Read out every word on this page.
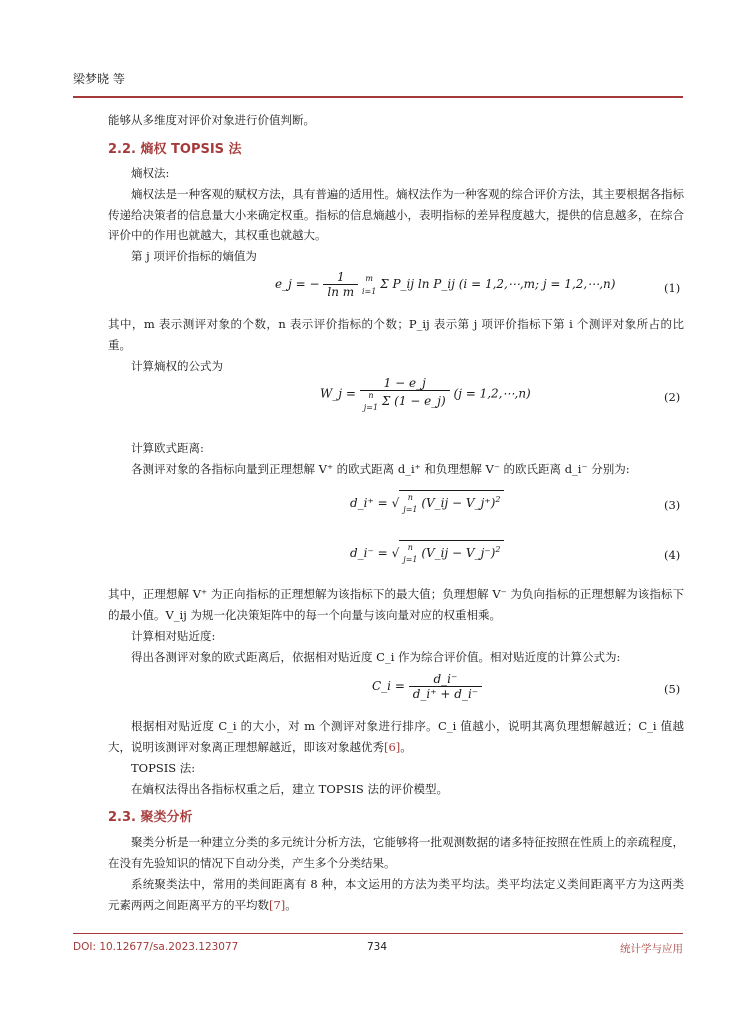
梁梦晓 等
能够从多维度对评价对象进行价值判断。
2.2. 熵权 TOPSIS 法
熵权法:
熵权法是一种客观的赋权方法，具有普遍的适用性。熵权法作为一种客观的综合评价方法，其主要根据各指标传递给决策者的信息量大小来确定权重。指标的信息熵越小，表明指标的差异程度越大，提供的信息越多，在综合评价中的作用也就越大，其权重也就越大。
第 j 项评价指标的熵值为
e_j = − $\frac{1}{\text{ln m}}$
m
i=1 Σ P_ij ln P_ij (i = 1,2,⋯,m; j = 1,2,⋯,n)	(1)
其中，m 表示测评对象的个数，n 表示评价指标的个数；P_ij 表示第 j 项评价指标下第 i 个测评对象所占的比重。
计算熵权的公式为
W_j = 1 − e_j
n
j=1 Σ (1 − e_j) (j = 1,2,⋯,n)	(2)
计算欧式距离:
各测评对象的各指标向量到正理想解 V⁺ 的欧式距离 d_i⁺ 和负理想解 V⁻ 的欧氏距离 d_i⁻ 分别为:
d_i⁺ = √	n
j=1 (V_ij − V_j⁺)$^2$	(3)
d_i⁻ = √	n
j=1 (V_ij − V_j⁻)$^2$	(4)
其中，正理想解 V⁺ 为正向指标的正理想解为该指标下的最大值；负理想解 V⁻ 为负向指标的正理想解为该指标下的最小值。V_ij 为规一化决策矩阵中的每一个向量与该向量对应的权重相乘。
计算相对贴近度:
得出各测评对象的欧式距离后，依据相对贴近度 C_i 作为综合评价值。相对贴近度的计算公式为:
C_i = $\frac{d\_i^-}{d\_i^+ + d\_i^-}$	(5)
根据相对贴近度 C_i 的大小，对 m 个测评对象进行排序。C_i 值越小，说明其离负理想解越近；C_i 值越大，说明该测评对象离正理想解越近，即该对象越优秀[6]。
TOPSIS 法:
在熵权法得出各指标权重之后，建立 TOPSIS 法的评价模型。
2.3. 聚类分析
聚类分析是一种建立分类的多元统计分析方法，它能够将一批观测数据的诸多特征按照在性质上的亲疏程度，在没有先验知识的情况下自动分类，产生多个分类结果。
系统聚类法中，常用的类间距离有 8 种，本文运用的方法为类平均法。类平均法定义类间距离平方为这两类元素两两之间距离平方的平均数[7]。
DOI: 10.12677/sa.2023.123077	734	统计学与应用
